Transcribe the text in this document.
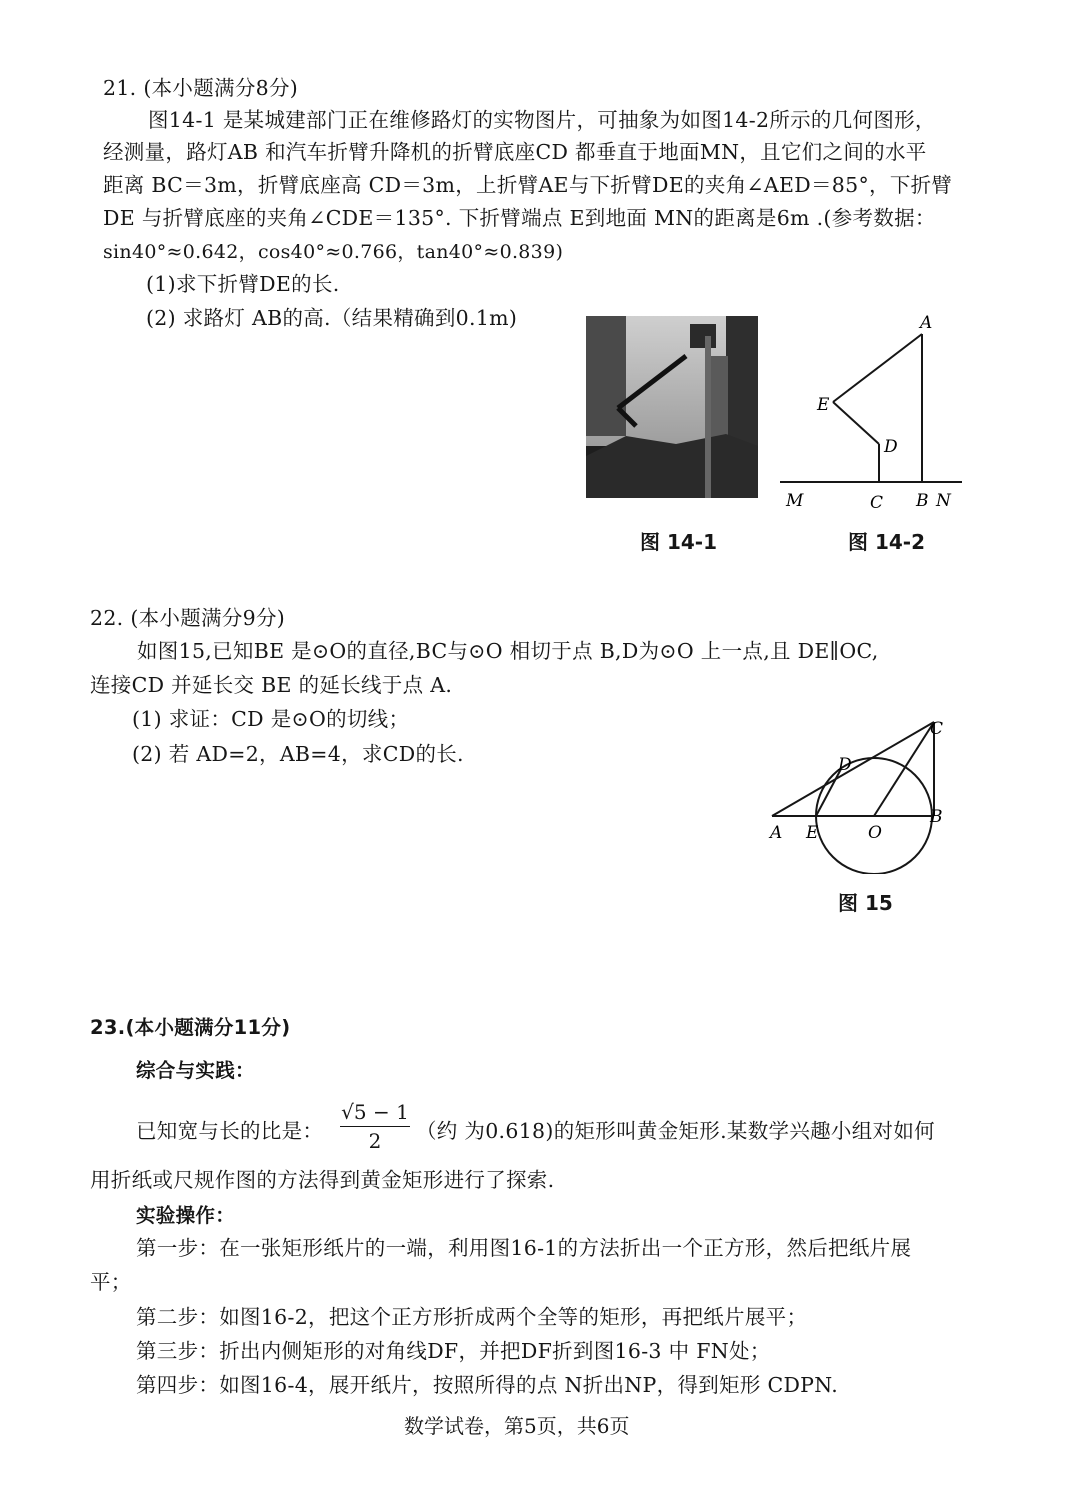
21. (本小题满分8分)
图14-1 是某城建部门正在维修路灯的实物图片，可抽象为如图14-2所示的几何图形，
经测量，路灯AB 和汽车折臂升降机的折臂底座CD 都垂直于地面MN，且它们之间的水平
距离 BC＝3m，折臂底座高 CD＝3m，上折臂AE与下折臂DE的夹角∠AED＝85°，下折臂
DE 与折臂底座的夹角∠CDE＝135°. 下折臂端点 E到地面 MN的距离是6m .(参考数据：
sin40°≈0.642，cos40°≈0.766，tan40°≈0.839)
(1)求下折臂DE的长.
(2) 求路灯 AB的高.（结果精确到0.1m)
图 14-1
A
E
D
M	C B N
图 14-2
22. (本小题满分9分)
如图15,已知BE 是⊙O的直径,BC与⊙O 相切于点 B,D为⊙O 上一点,且 DE∥OC,
连接CD 并延长交 BE 的延长线于点 A.
(1) 求证：CD 是⊙O的切线；
(2) 若 AD=2，AB=4，求CD的长.
C
D
A E	O
B
图 15
23.(本小题满分11分)
综合与实践：
已知宽与长的比是： $\frac{√5 - 1}{2}$ （约 为0.618)的矩形叫黄金矩形.某数学兴趣小组对如何
用折纸或尺规作图的方法得到黄金矩形进行了探索.
实验操作：
第一步：在一张矩形纸片的一端，利用图16-1的方法折出一个正方形，然后把纸片展
平；
第二步：如图16-2，把这个正方形折成两个全等的矩形，再把纸片展平；
第三步：折出内侧矩形的对角线DF，并把DF折到图16-3 中 FN处；
第四步：如图16-4，展开纸片，按照所得的点 N折出NP，得到矩形 CDPN.
数学试卷，第5页，共6页
